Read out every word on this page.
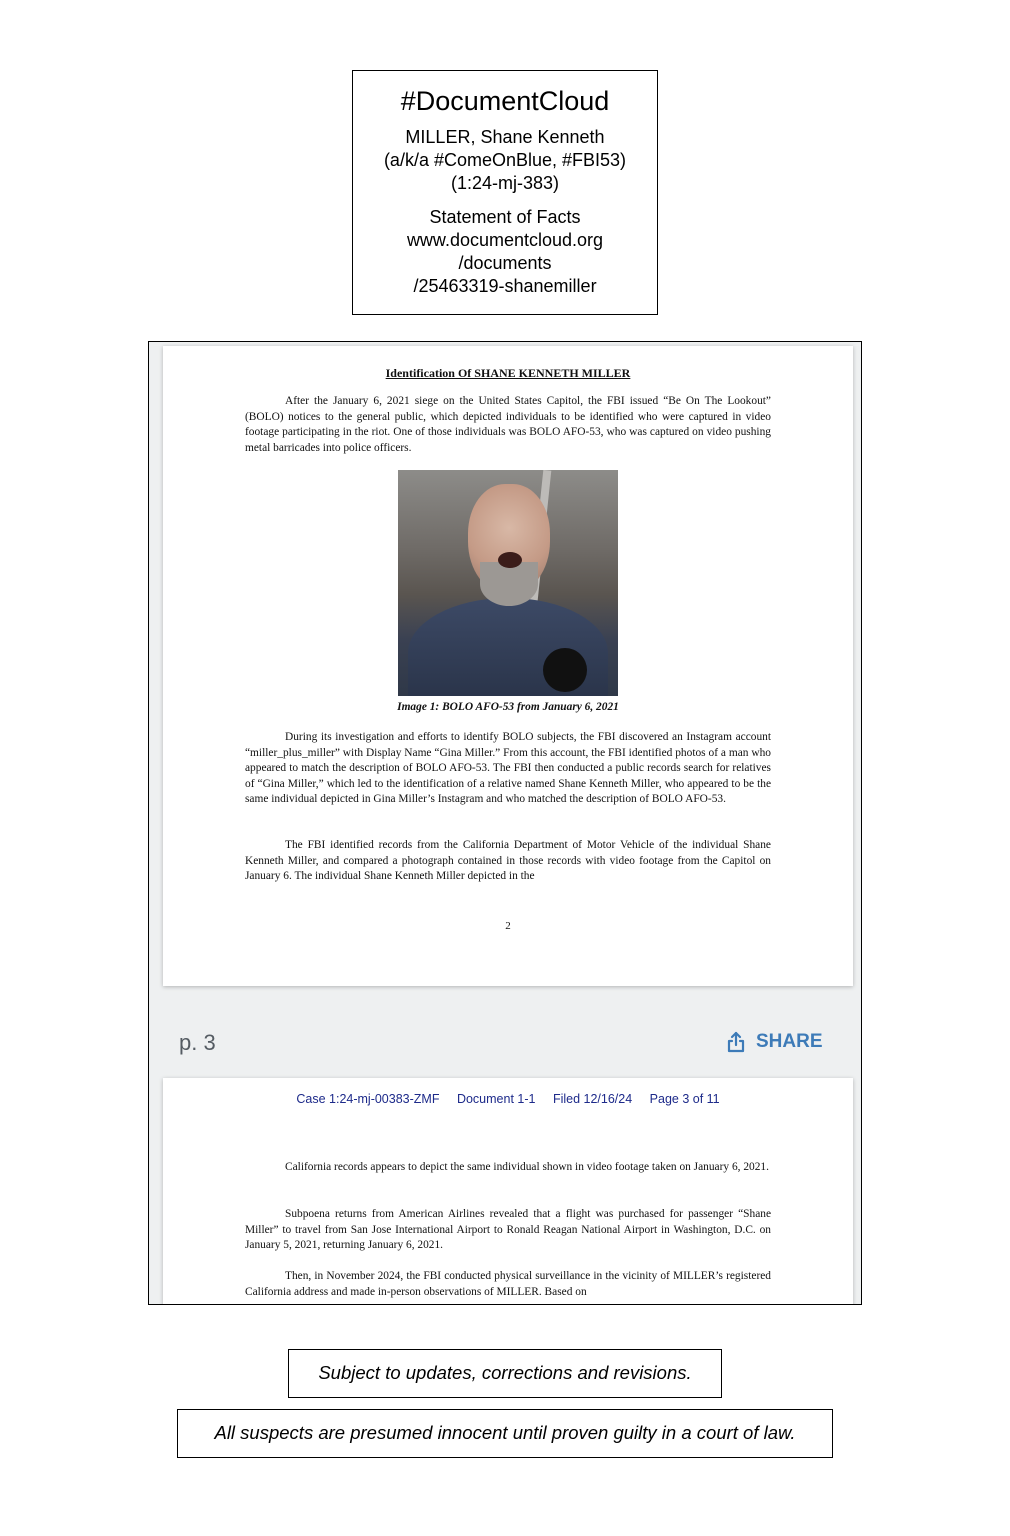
#DocumentCloud
MILLER, Shane Kenneth
(a/k/a #ComeOnBlue, #FBI53)
(1:24-mj-383)
Statement of Facts
www.documentcloud.org
/documents
/25463319-shanemiller
Identification Of SHANE KENNETH MILLER

After the January 6, 2021 siege on the United States Capitol, the FBI issued “Be On The Lookout” (BOLO) notices to the general public, which depicted individuals to be identified who were captured in video footage participating in the riot. One of those individuals was BOLO AFO-53, who was captured on video pushing metal barricades into police officers.

Image 1: BOLO AFO-53 from January 6, 2021

During its investigation and efforts to identify BOLO subjects, the FBI discovered an Instagram account “miller_plus_miller” with Display Name “Gina Miller.” From this account, the FBI identified photos of a man who appeared to match the description of BOLO AFO-53. The FBI then conducted a public records search for relatives of “Gina Miller,” which led to the identification of a relative named Shane Kenneth Miller, who appeared to be the same individual depicted in Gina Miller’s Instagram and who matched the description of BOLO AFO-53.

The FBI identified records from the California Department of Motor Vehicle of the individual Shane Kenneth Miller, and compared a photograph contained in those records with video footage from the Capitol on January 6. The individual Shane Kenneth Miller depicted in the

2
p. 3	SHARE
Case 1:24-mj-00383-ZMF Document 1-1 Filed 12/16/24 Page 3 of 11

California records appears to depict the same individual shown in video footage taken on January 6, 2021.

Subpoena returns from American Airlines revealed that a flight was purchased for passenger “Shane Miller” to travel from San Jose International Airport to Ronald Reagan National Airport in Washington, D.C. on January 5, 2021, returning January 6, 2021.

Then, in November 2024, the FBI conducted physical surveillance in the vicinity of MILLER’s registered California address and made in-person observations of MILLER. Based on

Subject to updates, corrections and revisions.
All suspects are presumed innocent until proven guilty in a court of law.
